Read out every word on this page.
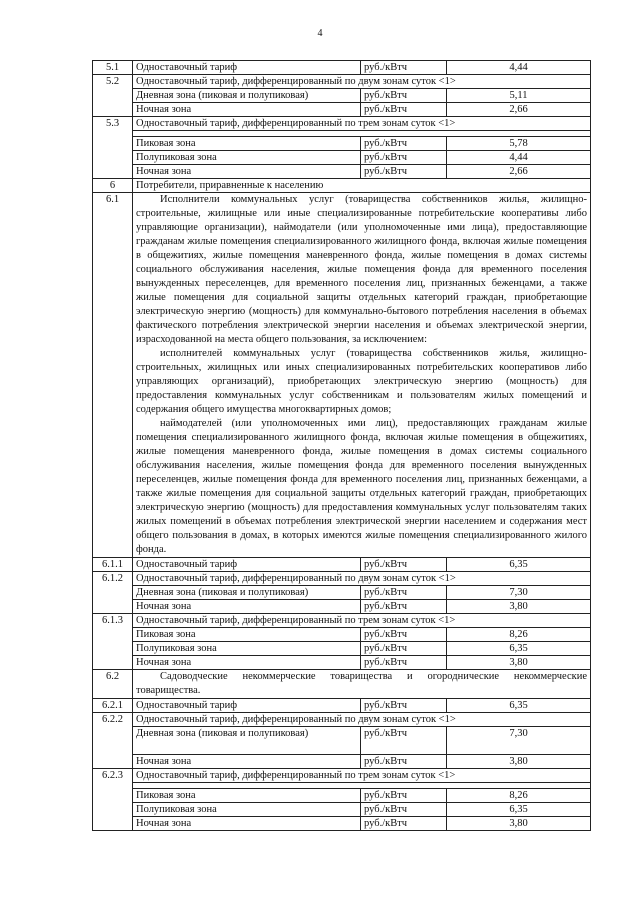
4
5.1	Одноставочный тариф	руб./кВтч	4,44
5.2	Одноставочный тариф, дифференцированный по двум зонам суток <1>		
	Дневная зона (пиковая и полупиковая)	руб./кВтч	5,11
	Ночная зона	руб./кВтч	2,66
5.3	Одноставочный тариф, дифференцированный по трем зонам суток <1>		

	Пиковая зона	руб./кВтч	5,78
	Полупиковая зона	руб./кВтч	4,44
	Ночная зона	руб./кВтч	2,66
6	Потребители, приравненные к населению		
6.1	Исполнители коммунальных услуг (товарищества собственников жилья, жилищно-строительные, жилищные или иные специализированные потребительские кооперативы либо управляющие организации), наймодатели (или уполномоченные ими лица), предоставляющие гражданам жилые помещения специализированного жилищного фонда, включая жилые помещения в общежитиях, жилые помещения маневренного фонда, жилые помещения в домах системы социального обслуживания населения, жилые помещения фонда для временного поселения вынужденных переселенцев, для временного поселения лиц, признанных беженцами, а также жилые помещения для социальной защиты отдельных категорий граждан, приобретающие электрическую энергию (мощность) для коммунально-бытового потребления населения в объемах фактического потребления электрической энергии населения и объемах электрической энергии, израсходованной на места общего пользования, за исключением:

исполнителей коммунальных услуг (товарищества собственников жилья, жилищно-строительных, жилищных или иных специализированных потребительских кооперативов либо управляющих организаций), приобретающих электрическую энергию (мощность) для предоставления коммунальных услуг собственникам и пользователям жилых помещений и содержания общего имущества многоквартирных домов;

наймодателей (или уполномоченных ими лиц), предоставляющих гражданам жилые помещения специализированного жилищного фонда, включая жилые помещения в общежитиях, жилые помещения маневренного фонда, жилые помещения в домах системы социального обслуживания населения, жилые помещения фонда для временного поселения вынужденных переселенцев, жилые помещения фонда для временного поселения лиц, признанных беженцами, а также жилые помещения для социальной защиты отдельных категорий граждан, приобретающих электрическую энергию (мощность) для предоставления коммунальных услуг пользователям таких жилых помещений в объемах потребления электрической энергии населением и содержания мест общего пользования в домах, в которых имеются жилые помещения специализированного жилого фонда.		

6.1.1	Одноставочный тариф	руб./кВтч	6,35
6.1.2	Одноставочный тариф, дифференцированный по двум зонам суток <1>		
	Дневная зона (пиковая и полупиковая)	руб./кВтч	7,30
	Ночная зона	руб./кВтч	3,80
6.1.3	Одноставочный тариф, дифференцированный по трем зонам суток <1>		
	Пиковая зона	руб./кВтч	8,26
	Полупиковая зона	руб./кВтч	6,35
	Ночная зона	руб./кВтч	3,80
6.2	Садоводческие некоммерческие товарищества и огороднические некоммерческие товарищества.		

6.2.1	Одноставочный тариф	руб./кВтч	6,35
6.2.2	Одноставочный тариф, дифференцированный по двум зонам суток <1>		
	Дневная зона (пиковая и полупиковая)	руб./кВтч	7,30
	Ночная зона	руб./кВтч	3,80
6.2.3	Одноставочный тариф, дифференцированный по трем зонам суток <1>		

	Пиковая зона	руб./кВтч	8,26
	Полупиковая зона	руб./кВтч	6,35
	Ночная зона	руб./кВтч	3,80
